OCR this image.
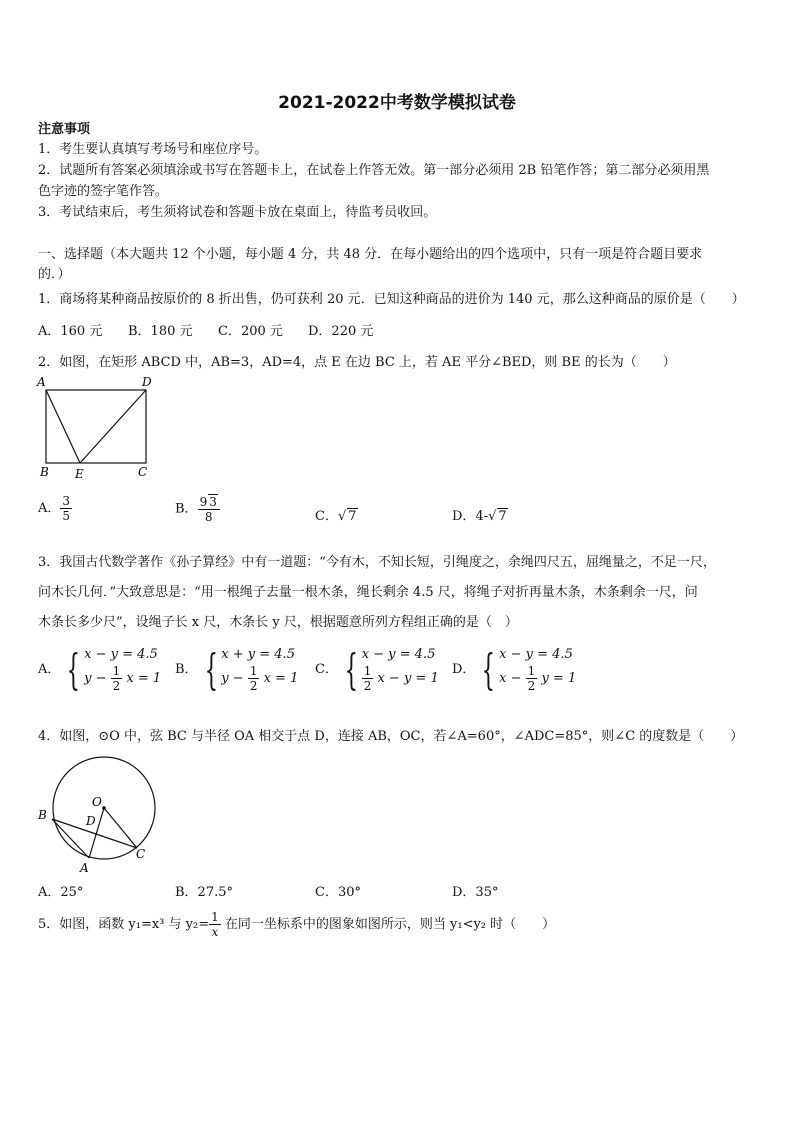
2021-2022中考数学模拟试卷
注意事项
1．考生要认真填写考场号和座位序号。
2．试题所有答案必须填涂或书写在答题卡上，在试卷上作答无效。第一部分必须用 2B 铅笔作答；第二部分必须用黑
色字迹的签字笔作答。
3．考试结束后，考生须将试卷和答题卡放在桌面上，待监考员收回。
一、选择题（本大题共 12 个小题，每小题 4 分，共 48 分．在每小题给出的四个选项中，只有一项是符合题目要求
的．）
1．商场将某种商品按原价的 8 折出售，仍可获利 20 元．已知这种商品的进价为 140 元，那么这种商品的原价是（　　）
A．160 元 B．180 元 C．200 元 D．220 元
2．如图，在矩形 ABCD 中，AB=3，AD=4，点 E 在边 BC 上，若 AE 平分∠BED，则 BE 的长为（　　）
A	D
B E	C
A． $\frac{3}{5}$	B． $\frac{9 3}{8}$	C．√ 7	D．4-√ 7
3．我国古代数学著作《孙子算经》中有一道题：“今有木，不知长短，引绳度之，余绳四尺五，屈绳量之，不足一尺，
问木长几何．”大致意思是：“用一根绳子去量一根木条，绳长剩余 4.5 尺，将绳子对折再量木条，木条剩余一尺，问
木条长多少尺”，设绳子长 x 尺，木条长 y 尺，根据题意所列方程组正确的是（　）
A． { x − y = 4.5
$y - \frac{1}{2}$ x = 1
B． { x + y = 4.5
$y - \frac{1}{2}$ x = 1
C． { x − y = 4.5
$\frac{1}{2}$ x − y = 1
D． { x − y = 4.5
$x - \frac{1}{2}$ y = 1
4．如图，⊙O 中，弦 BC 与半径 OA 相交于点 D，连接 AB，OC，若∠A=60°，∠ADC=85°，则∠C 的度数是（　　）
O
B	D
A
C
A．25°	B．27.5°	C．30°	D．35°
5．如图，函数 y₁=x³ 与 $y_2= \frac{1}{x}$ 在同一坐标系中的图象如图所示，则当 y₁<y₂ 时（　　）
